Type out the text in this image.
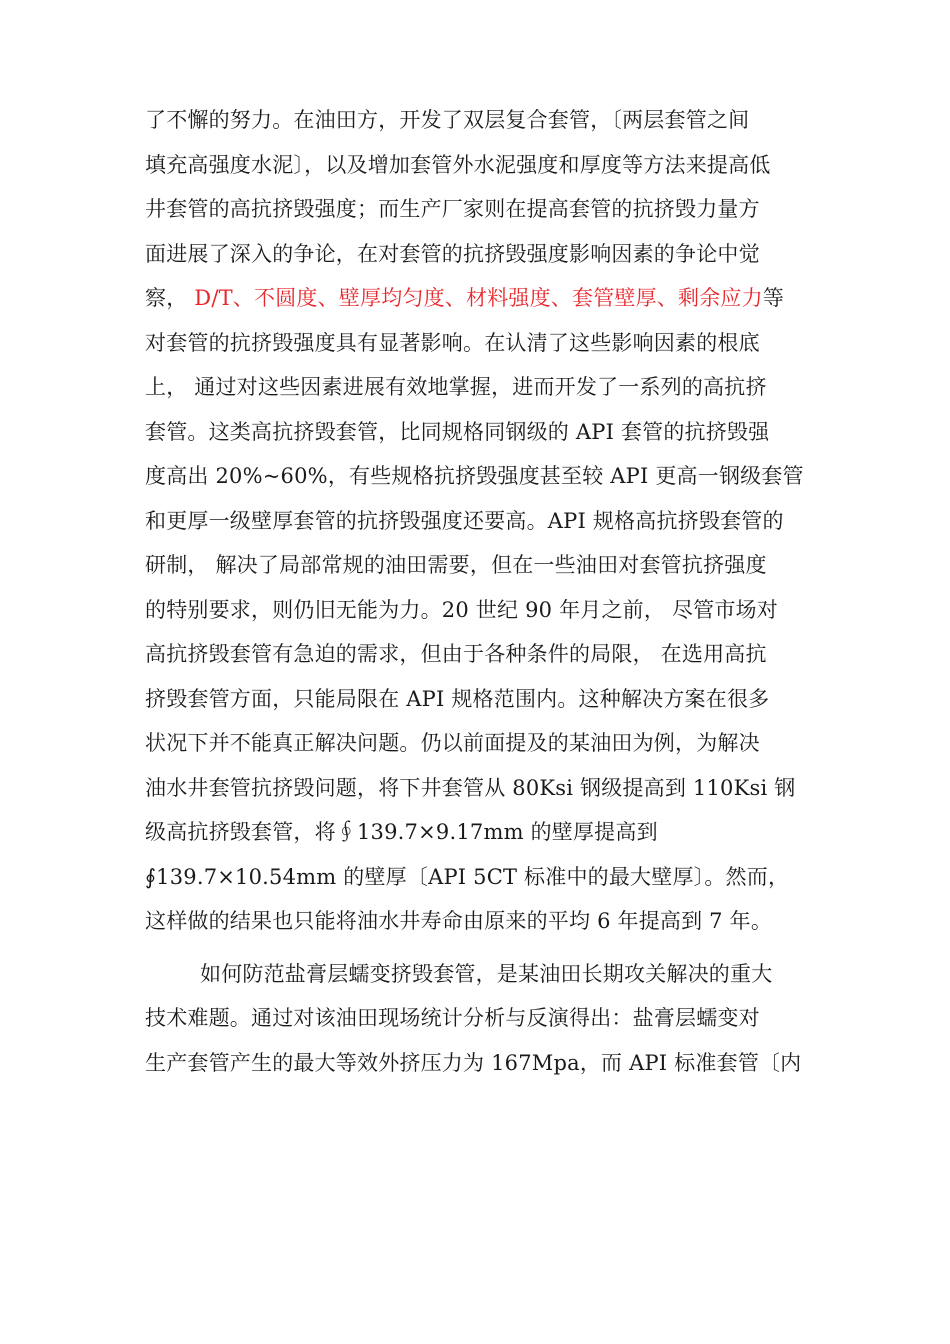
了不懈的努力。在油田方，开发了双层复合套管，〔两层套管之间
填充高强度水泥〕，以及增加套管外水泥强度和厚度等方法来提高低
井套管的高抗挤毁强度；而生产厂家则在提高套管的抗挤毁力量方
面进展了深入的争论，在对套管的抗挤毁强度影响因素的争论中觉
察， D/T、不圆度、壁厚均匀度、材料强度、套管壁厚、剩余应力等
对套管的抗挤毁强度具有显著影响。在认清了这些影响因素的根底
上， 通过对这些因素进展有效地掌握，进而开发了一系列的高抗挤
套管。这类高抗挤毁套管，比同规格同钢级的 API 套管的抗挤毁强
度高出 20%~60%，有些规格抗挤毁强度甚至较 API 更高一钢级套管
和更厚一级壁厚套管的抗挤毁强度还要高。API 规格高抗挤毁套管的
研制， 解决了局部常规的油田需要，但在一些油田对套管抗挤强度
的特别要求，则仍旧无能为力。20 世纪 90 年月之前， 尽管市场对
高抗挤毁套管有急迫的需求，但由于各种条件的局限， 在选用高抗
挤毁套管方面，只能局限在 API 规格范围内。这种解决方案在很多
状况下并不能真正解决问题。仍以前面提及的某油田为例，为解决
油水井套管抗挤毁问题，将下井套管从 80Ksi 钢级提高到 110Ksi 钢
级高抗挤毁套管，将∮139.7×9.17mm 的壁厚提高到
∮139.7×10.54mm 的壁厚〔API 5CT 标准中的最大壁厚〕。然而，
这样做的结果也只能将油水井寿命由原来的平均 6 年提高到 7 年。
如何防范盐膏层蠕变挤毁套管，是某油田长期攻关解决的重大
技术难题。通过对该油田现场统计分析与反演得出：盐膏层蠕变对
生产套管产生的最大等效外挤压力为 167Mpa，而 API 标准套管〔内
